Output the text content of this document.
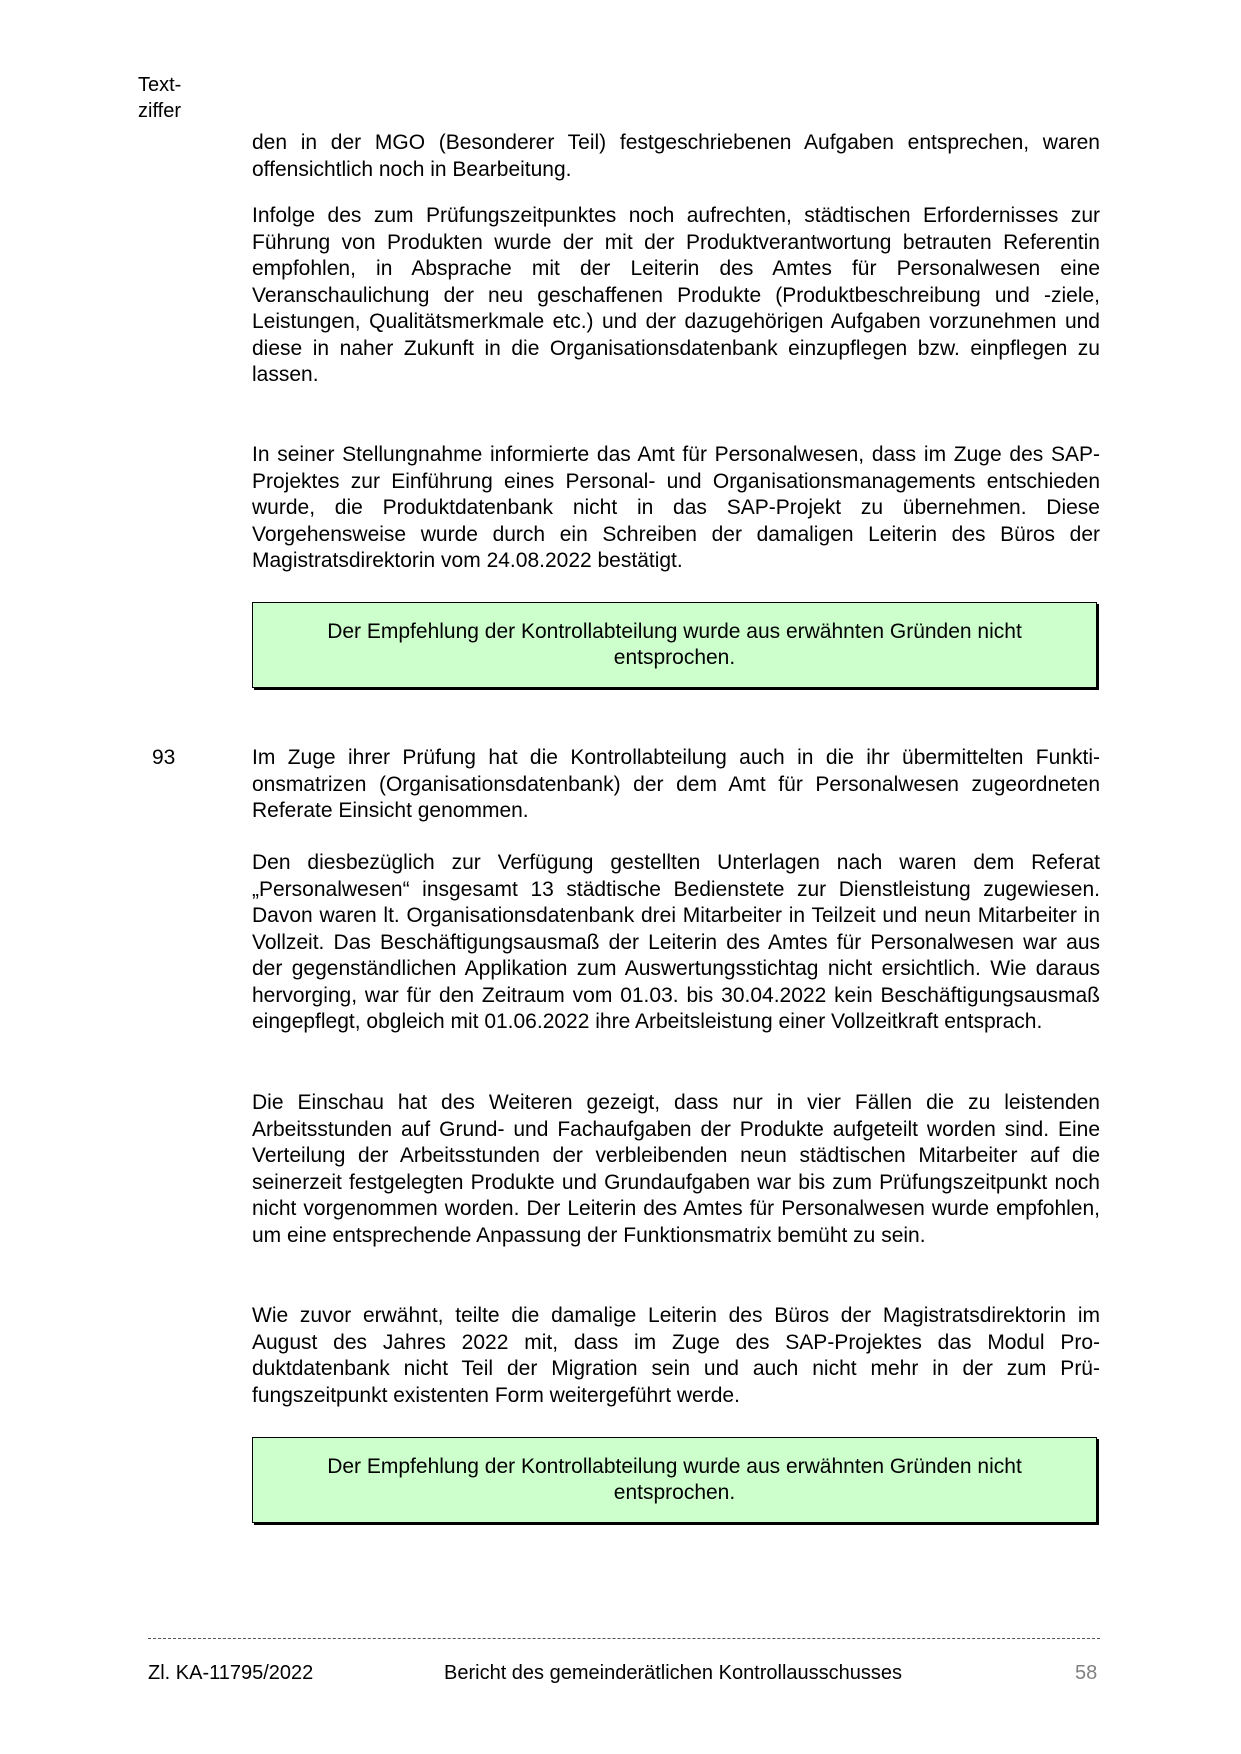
Text-
ziffer

den in der MGO (Besonderer Teil) festgeschriebenen Aufgaben entsprechen, waren offensichtlich noch in Bearbeitung.

Infolge des zum Prüfungszeitpunktes noch aufrechten, städtischen Erfordernisses zur Führung von Produkten wurde der mit der Produktverantwortung betrauten Referentin empfohlen, in Absprache mit der Leiterin des Amtes für Personalwesen eine Veranschaulichung der neu geschaffenen Produkte (Produktbeschreibung und -ziele, Leistungen, Qualitätsmerkmale etc.) und der dazugehörigen Aufgaben vorzunehmen und diese in naher Zukunft in die Organisationsdatenbank einzupflegen bzw. einpflegen zu lassen.

In seiner Stellungnahme informierte das Amt für Personalwesen, dass im Zuge des SAP-Projektes zur Einführung eines Personal- und Organisationsmanagements entschieden wurde, die Produktdatenbank nicht in das SAP-Projekt zu übernehmen. Diese Vorgehensweise wurde durch ein Schreiben der damaligen Leiterin des Büros der Magistratsdirektorin vom 24.08.2022 bestätigt.

Der Empfehlung der Kontrollabteilung wurde aus erwähnten Gründen nicht entsprochen.
93	Im Zuge ihrer Prüfung hat die Kontrollabteilung auch in die ihr übermittelten Funktionsmatrizen (Organisationsdatenbank) der dem Amt für Personalwesen zugeordneten Referate Einsicht genommen.

Den diesbezüglich zur Verfügung gestellten Unterlagen nach waren dem Referat „Personalwesen“ insgesamt 13 städtische Bedienstete zur Dienstleistung zugewiesen. Davon waren lt. Organisationsdatenbank drei Mitarbeiter in Teilzeit und neun Mitarbeiter in Vollzeit. Das Beschäftigungsausmaß der Leiterin des Amtes für Personalwesen war aus der gegenständlichen Applikation zum Auswertungsstichtag nicht ersichtlich. Wie daraus hervorging, war für den Zeitraum vom 01.03. bis 30.04.2022 kein Beschäftigungsausmaß eingepflegt, obgleich mit 01.06.2022 ihre Arbeitsleistung einer Vollzeitkraft entsprach.

Die Einschau hat des Weiteren gezeigt, dass nur in vier Fällen die zu leistenden Arbeitsstunden auf Grund- und Fachaufgaben der Produkte aufgeteilt worden sind. Eine Verteilung der Arbeitsstunden der verbleibenden neun städtischen Mitarbeiter auf die seinerzeit festgelegten Produkte und Grundaufgaben war bis zum Prüfungszeitpunkt noch nicht vorgenommen worden. Der Leiterin des Amtes für Personalwesen wurde empfohlen, um eine entsprechende Anpassung der Funktionsmatrix bemüht zu sein.

Wie zuvor erwähnt, teilte die damalige Leiterin des Büros der Magistratsdirektorin im August des Jahres 2022 mit, dass im Zuge des SAP-Projektes das Modul Produktdatenbank nicht Teil der Migration sein und auch nicht mehr in der zum Prüfungszeitpunkt existenten Form weitergeführt werde.

Der Empfehlung der Kontrollabteilung wurde aus erwähnten Gründen nicht entsprochen.
Zl. KA-11795/2022	Bericht des gemeinderätlichen Kontrollausschusses	58
